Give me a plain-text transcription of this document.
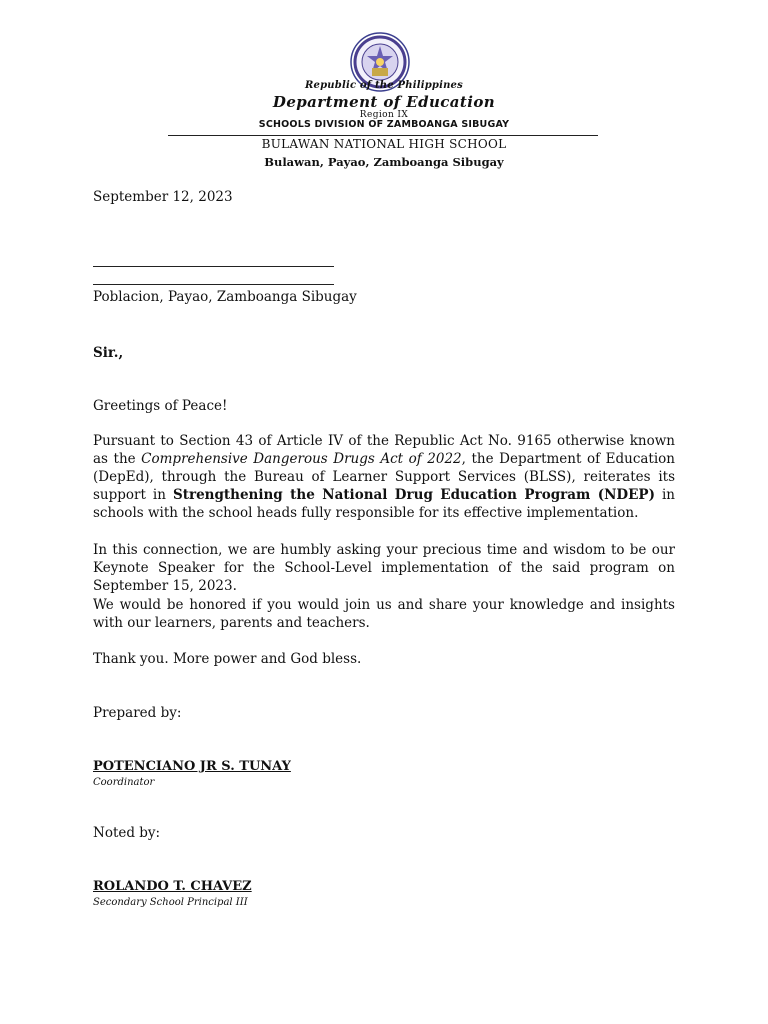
Republic of the Philippines
Department of Education
Region IX
SCHOOLS DIVISION OF ZAMBOANGA SIBUGAY
BULAWAN NATIONAL HIGH SCHOOL
Bulawan, Payao, Zamboanga Sibugay
September 12, 2023
Poblacion, Payao, Zamboanga Sibugay
Sir.,
Greetings of Peace!
Pursuant to Section 43 of Article IV of the Republic Act No. 9165 otherwise known as the Comprehensive Dangerous Drugs Act of 2022, the Department of Education (DepEd), through the Bureau of Learner Support Services (BLSS), reiterates its support in Strengthening the National Drug Education Program (NDEP) in schools with the school heads fully responsible for its effective implementation.
In this connection, we are humbly asking your precious time and wisdom to be our Keynote Speaker for the School-Level implementation of the said program on September 15, 2023.
We would be honored if you would join us and share your knowledge and insights with our learners, parents and teachers.
Thank you. More power and God bless.
Prepared by:
POTENCIANO JR S. TUNAY
Coordinator
Noted by:
ROLANDO T. CHAVEZ
Secondary School Principal III
